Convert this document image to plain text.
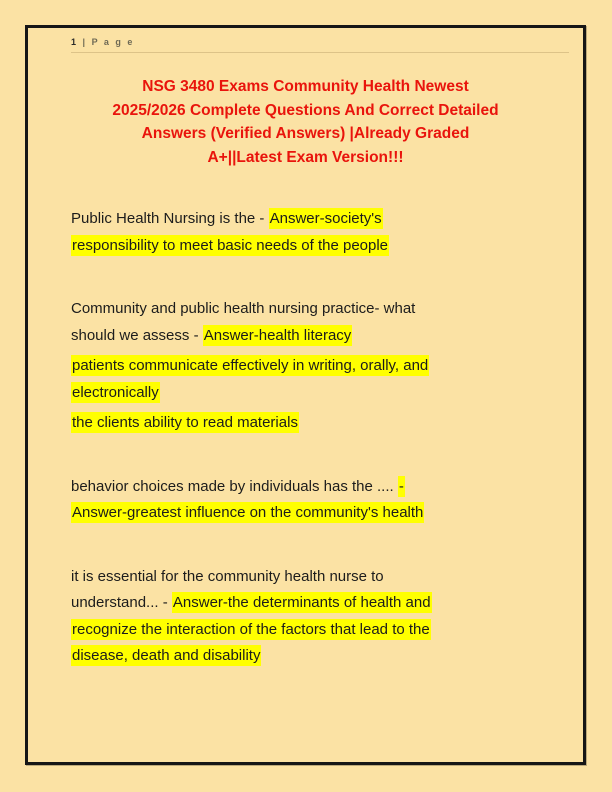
1 | P a g e
NSG 3480 Exams Community Health Newest
2025/2026 Complete Questions And Correct Detailed
Answers (Verified Answers) |Already Graded
A+||Latest Exam Version!!!
Public Health Nursing is the - Answer-society's
responsibility to meet basic needs of the people
Community and public health nursing practice- what
should we assess - Answer-health literacy
patients communicate effectively in writing, orally, and
electronically
the clients ability to read materials
behavior choices made by individuals has the .... -
Answer-greatest influence on the community's health
it is essential for the community health nurse to
understand... - Answer-the determinants of health and
recognize the interaction of the factors that lead to the
disease, death and disability
